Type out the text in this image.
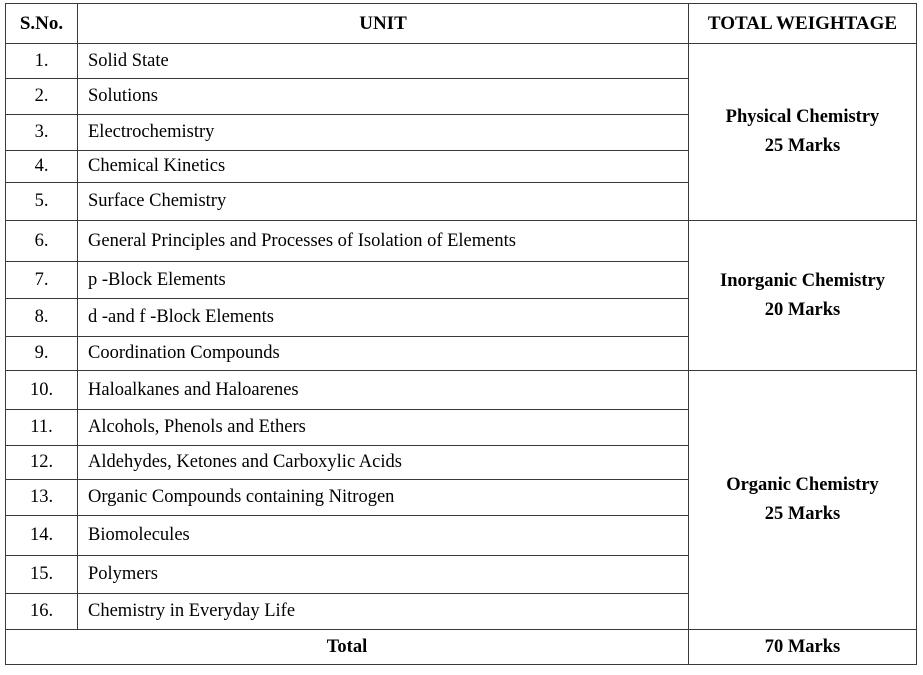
S.No.	UNIT	TOTAL WEIGHTAGE
1.	Solid State	Physical Chemistry
25 Marks

2.	Solutions	
3.	Electrochemistry	
4.	Chemical Kinetics	
5.	Surface Chemistry	
6.	General Principles and Processes of Isolation of Elements	Inorganic Chemistry
20 Marks

7.	p -Block Elements	
8.	d -and f -Block Elements	
9.	Coordination Compounds	
10.	Haloalkanes and Haloarenes	Organic Chemistry
25 Marks

11.	Alcohols, Phenols and Ethers	
12.	Aldehydes, Ketones and Carboxylic Acids	
13.	Organic Compounds containing Nitrogen	
14.	Biomolecules	
15.	Polymers	
16.	Chemistry in Everyday Life	
Total		70 Marks
